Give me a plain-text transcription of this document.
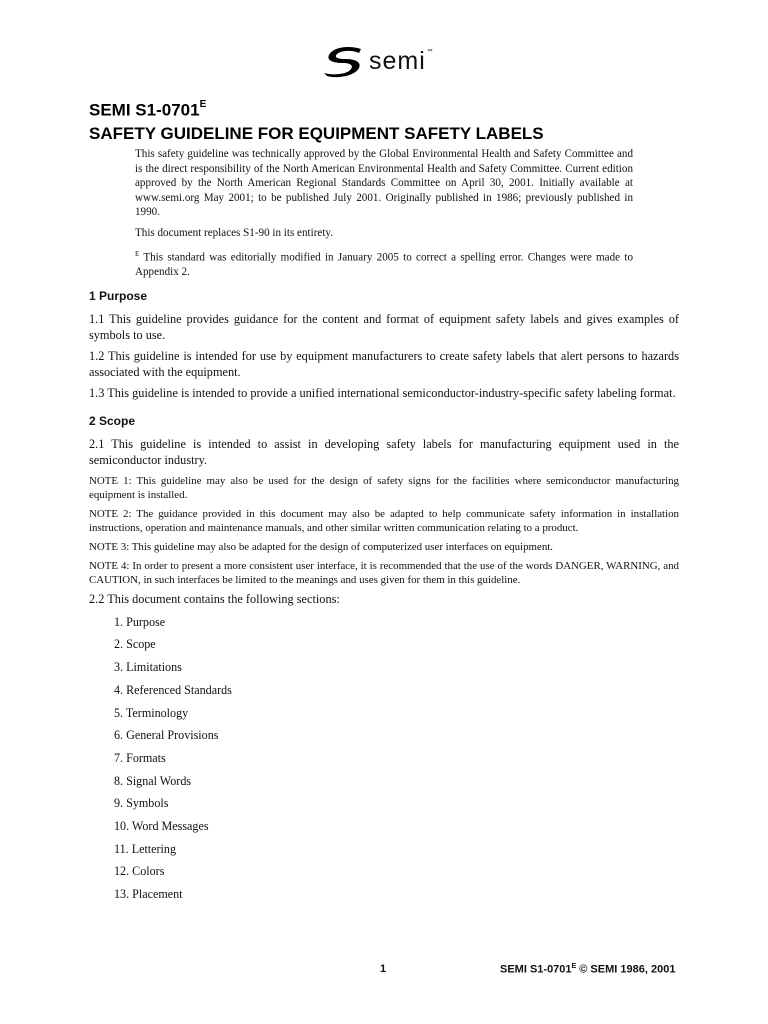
semi ™
SEMI $S1-0701^E$
SAFETY GUIDELINE FOR EQUIPMENT SAFETY LABELS

This safety guideline was technically approved by the Global Environmental Health and Safety Committee and is the direct responsibility of the North American Environmental Health and Safety Committee. Current edition approved by the North American Regional Standards Committee on April 30, 2001. Initially available at www.semi.org May 2001; to be published July 2001. Originally published in 1986; previously published in 1990.

This document replaces S1-90 in its entirety.

$^E$ This standard was editorially modified in January 2005 to correct a spelling error. Changes were made to Appendix 2.

1 Purpose

1.1 This guideline provides guidance for the content and format of equipment safety labels and gives examples of symbols to use.

1.2 This guideline is intended for use by equipment manufacturers to create safety labels that alert persons to hazards associated with the equipment.

1.3 This guideline is intended to provide a unified international semiconductor-industry-specific safety labeling format.

2 Scope

2.1 This guideline is intended to assist in developing safety labels for manufacturing equipment used in the semiconductor industry.

NOTE 1: This guideline may also be used for the design of safety signs for the facilities where semiconductor manufacturing equipment is installed.

NOTE 2: The guidance provided in this document may also be adapted to help communicate safety information in installation instructions, operation and maintenance manuals, and other similar written communication relating to a product.

NOTE 3: This guideline may also be adapted for the design of computerized user interfaces on equipment.

NOTE 4: In order to present a more consistent user interface, it is recommended that the use of the words DANGER, WARNING, and CAUTION, in such interfaces be limited to the meanings and uses given for them in this guideline.

2.2 This document contains the following sections:

1. Purpose
2. Scope
3. Limitations
4. Referenced Standards
5. Terminology
6. General Provisions
7. Formats
8. Signal Words
9. Symbols
10. Word Messages
11. Lettering
12. Colors
13. Placement
1	SEMI $S1-0701^E$ © SEMI 1986, 2001
